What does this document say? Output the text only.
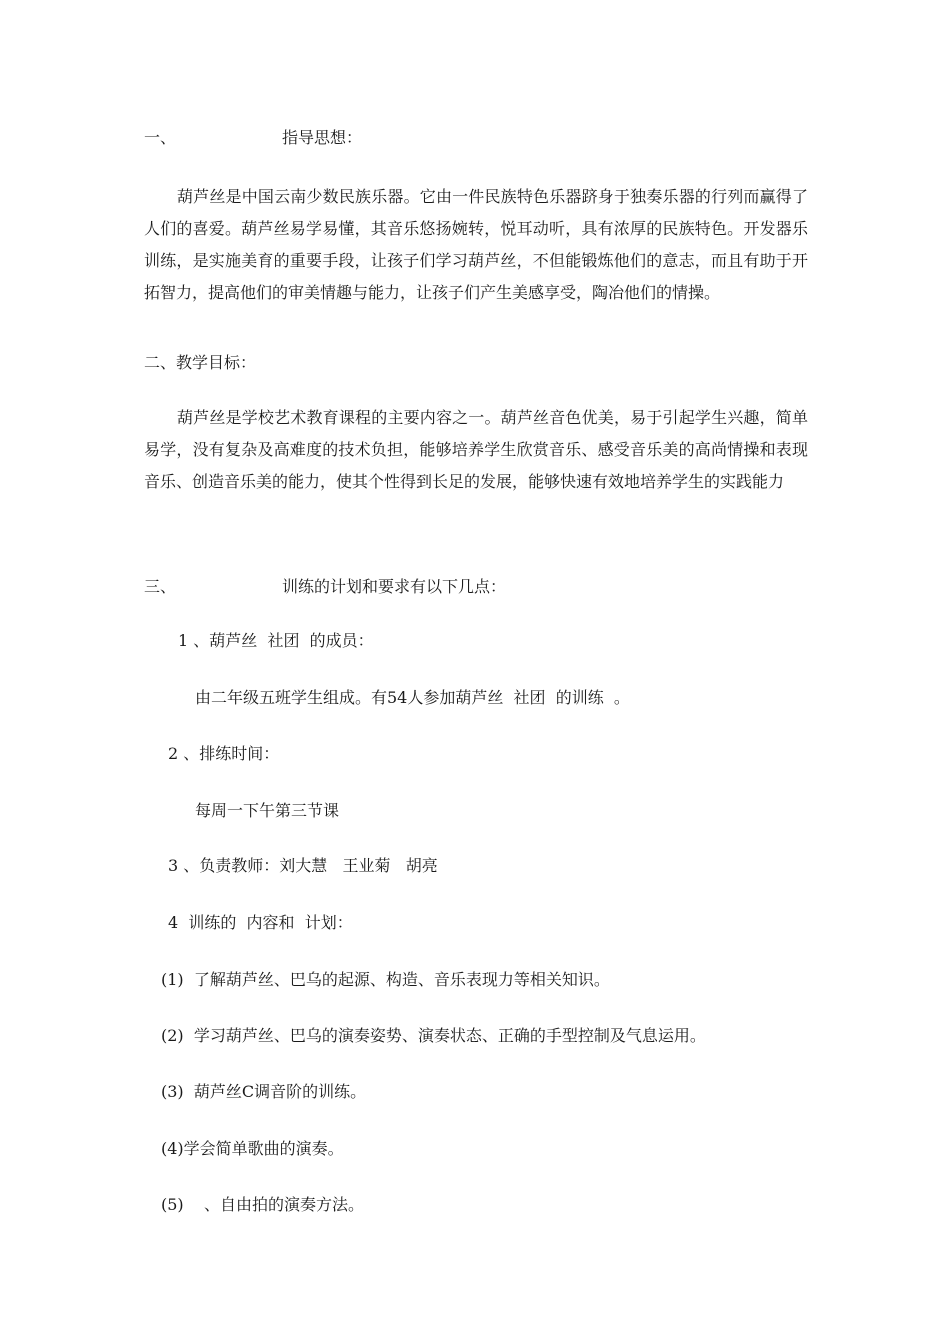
一、	指导思想：
葫芦丝是中国云南少数民族乐器。它由一件民族特色乐器跻身于独奏乐器的行列而赢得了人们的喜爱。葫芦丝易学易懂，其音乐悠扬婉转，悦耳动听，具有浓厚的民族特色。开发器乐训练，是实施美育的重要手段，让孩子们学习葫芦丝，不但能锻炼他们的意志，而且有助于开拓智力，提高他们的审美情趣与能力，让孩子们产生美感享受，陶冶他们的情操。
二、教学目标：
葫芦丝是学校艺术教育课程的主要内容之一。葫芦丝音色优美，易于引起学生兴趣，简单易学，没有复杂及高难度的技术负担，能够培养学生欣赏音乐、感受音乐美的高尚情操和表现音乐、创造音乐美的能力，使其个性得到长足的发展，能够快速有效地培养学生的实践能力
三、	训练的计划和要求有以下几点：
1 、葫芦丝  社团  的成员：
由二年级五班学生组成。有54人参加葫芦丝  社团  的训练  。
2 、排练时间：
每周一下午第三节课
3 、负责教师：刘大慧   王业菊   胡亮
4  训练的  内容和  计划：
(1)  了解葫芦丝、巴乌的起源、构造、音乐表现力等相关知识。
(2)  学习葫芦丝、巴乌的演奏姿势、演奏状态、正确的手型控制及气息运用。
(3)  葫芦丝C调音阶的训练。
(4)学会简单歌曲的演奏。
(5)    、自由拍的演奏方法。
